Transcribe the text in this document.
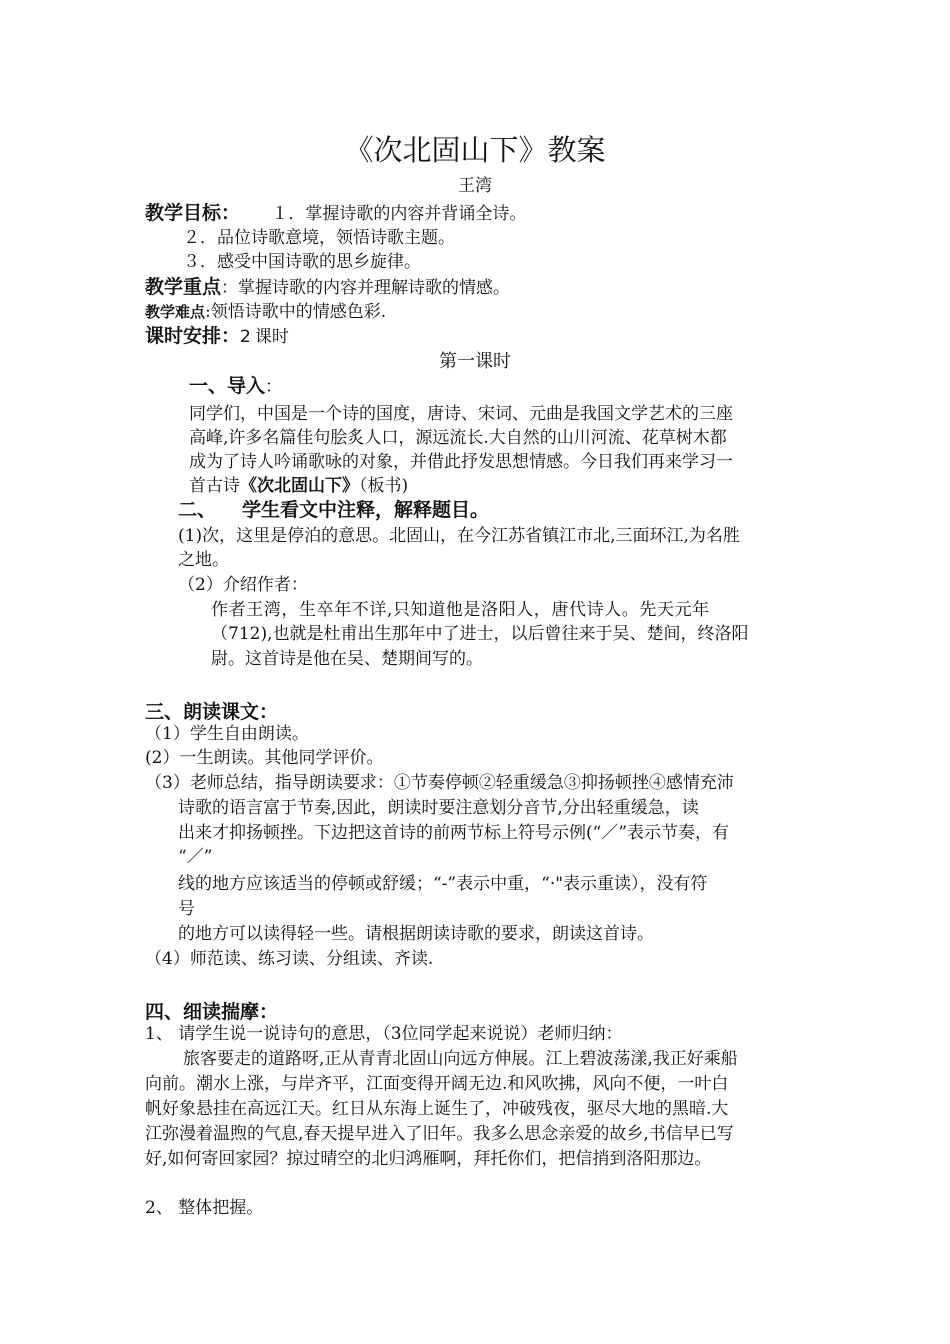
《次北固山下》教案
王湾
教学目标： １．掌握诗歌的内容并背诵全诗。
２．品位诗歌意境，领悟诗歌主题。
３．感受中国诗歌的思乡旋律。
教学重点：掌握诗歌的内容并理解诗歌的情感。
教学难点:领悟诗歌中的情感色彩.
课时安排：2 课时
第一课时
一、导入：
同学们，中国是一个诗的国度，唐诗、宋词、元曲是我国文学艺术的三座
高峰,许多名篇佳句脍炙人口，源远流长.大自然的山川河流、花草树木都
成为了诗人吟诵歌咏的对象，并借此抒发思想情感。今日我们再来学习一
首古诗《次北固山下》（板书)
二、 学生看文中注释，解释题目。
(1)次，这里是停泊的意思。北固山，在今江苏省镇江市北,三面环江,为名胜
之地。
（2）介绍作者：
作者王湾，生卒年不详,只知道他是洛阳人，唐代诗人。先天元年
（712),也就是杜甫出生那年中了进士，以后曾往来于吴、楚间，终洛阳
尉。这首诗是他在吴、楚期间写的。
三、朗读课文：
（1）学生自由朗读。
(2）一生朗读。其他同学评价。
（3）老师总结，指导朗读要求：①节奏停顿②轻重缓急③抑扬顿挫④感情充沛
诗歌的语言富于节奏,因此，朗读时要注意划分音节,分出轻重缓急，读
出来才抑扬顿挫。下边把这首诗的前两节标上符号示例(“／”表示节奏，有
“／”
线的地方应该适当的停顿或舒缓；“-”表示中重，“·"表示重读），没有符
号
的地方可以读得轻一些。请根据朗读诗歌的要求，朗读这首诗。
（4）师范读、练习读、分组读、齐读.
四、细读揣摩：
1、 请学生说一说诗句的意思，（3位同学起来说说）老师归纳：
旅客要走的道路呀,正从青青北固山向远方伸展。江上碧波荡漾,我正好乘船
向前。潮水上涨，与岸齐平，江面变得开阔无边.和风吹拂，风向不便，一叶白
帆好象悬挂在高远江天。红日从东海上诞生了，冲破残夜，驱尽大地的黑暗.大
江弥漫着温煦的气息,春天提早进入了旧年。我多么思念亲爱的故乡,书信早已写
好,如何寄回家园？掠过晴空的北归鸿雁啊，拜托你们，把信捎到洛阳那边。
2、 整体把握。
